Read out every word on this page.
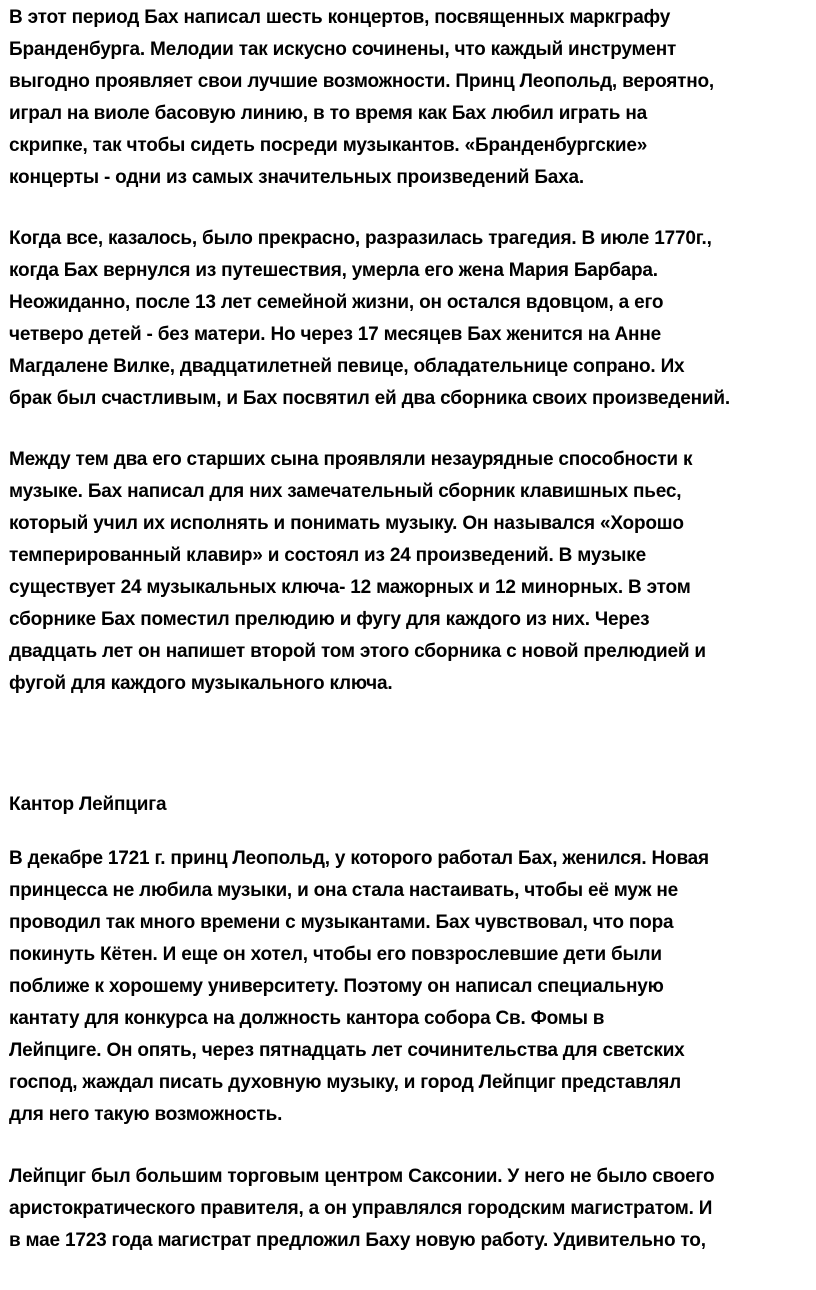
В этот период Бах написал шесть концертов, посвященных маркграфу
Бранденбурга. Мелодии так искусно сочинены, что каждый инструмент
выгодно проявляет свои лучшие возможности. Принц Леопольд, вероятно,
играл на виоле басовую линию, в то время как Бах любил играть на
скрипке, так чтобы сидеть посреди музыкантов. «Бранденбургские»
концерты - одни из самых значительных произведений Баха.
Когда все, казалось, было прекрасно, разразилась трагедия. В июле 1770г.,
когда Бах вернулся из путешествия, умерла его жена Мария Барбара.
Неожиданно, после 13 лет семейной жизни, он остался вдовцом, а его
четверо детей - без матери. Но через 17 месяцев Бах женится на Анне
Магдалене Вилке, двадцатилетней певице, обладательнице сопрано. Их
брак был счастливым, и Бах посвятил ей два сборника своих произведений.
Между тем два его старших сына проявляли незаурядные способности к
музыке. Бах написал для них замечательный сборник клавишных пьес,
который учил их исполнять и понимать музыку. Он назывался «Хорошо
темперированный клавир» и состоял из 24 произведений. В музыке
существует 24 музыкальных ключа- 12 мажорных и 12 минорных. В этом
сборнике Бах поместил прелюдию и фугу для каждого из них. Через
двадцать лет он напишет второй том этого сборника с новой прелюдией и
фугой для каждого музыкального ключа.
Кантор Лейпцига
В декабре 1721 г. принц Леопольд, у которого работал Бах, женился. Новая
принцесса не любила музыки, и она стала настаивать, чтобы её муж не
проводил так много времени с музыкантами. Бах чувствовал, что пора
покинуть Кётен. И еще он хотел, чтобы его повзрослевшие дети были
поближе к хорошему университету. Поэтому он написал специальную
кантату для конкурса на должность кантора собора Св. Фомы в
Лейпциге. Он опять, через пятнадцать лет сочинительства для светских
господ, жаждал писать духовную музыку, и город Лейпциг представлял
для него такую возможность.
Лейпциг был большим торговым центром Саксонии. У него не было своего
аристократического правителя, а он управлялся городским магистратом. И
в мае 1723 года магистрат предложил Баху новую работу. Удивительно то,
